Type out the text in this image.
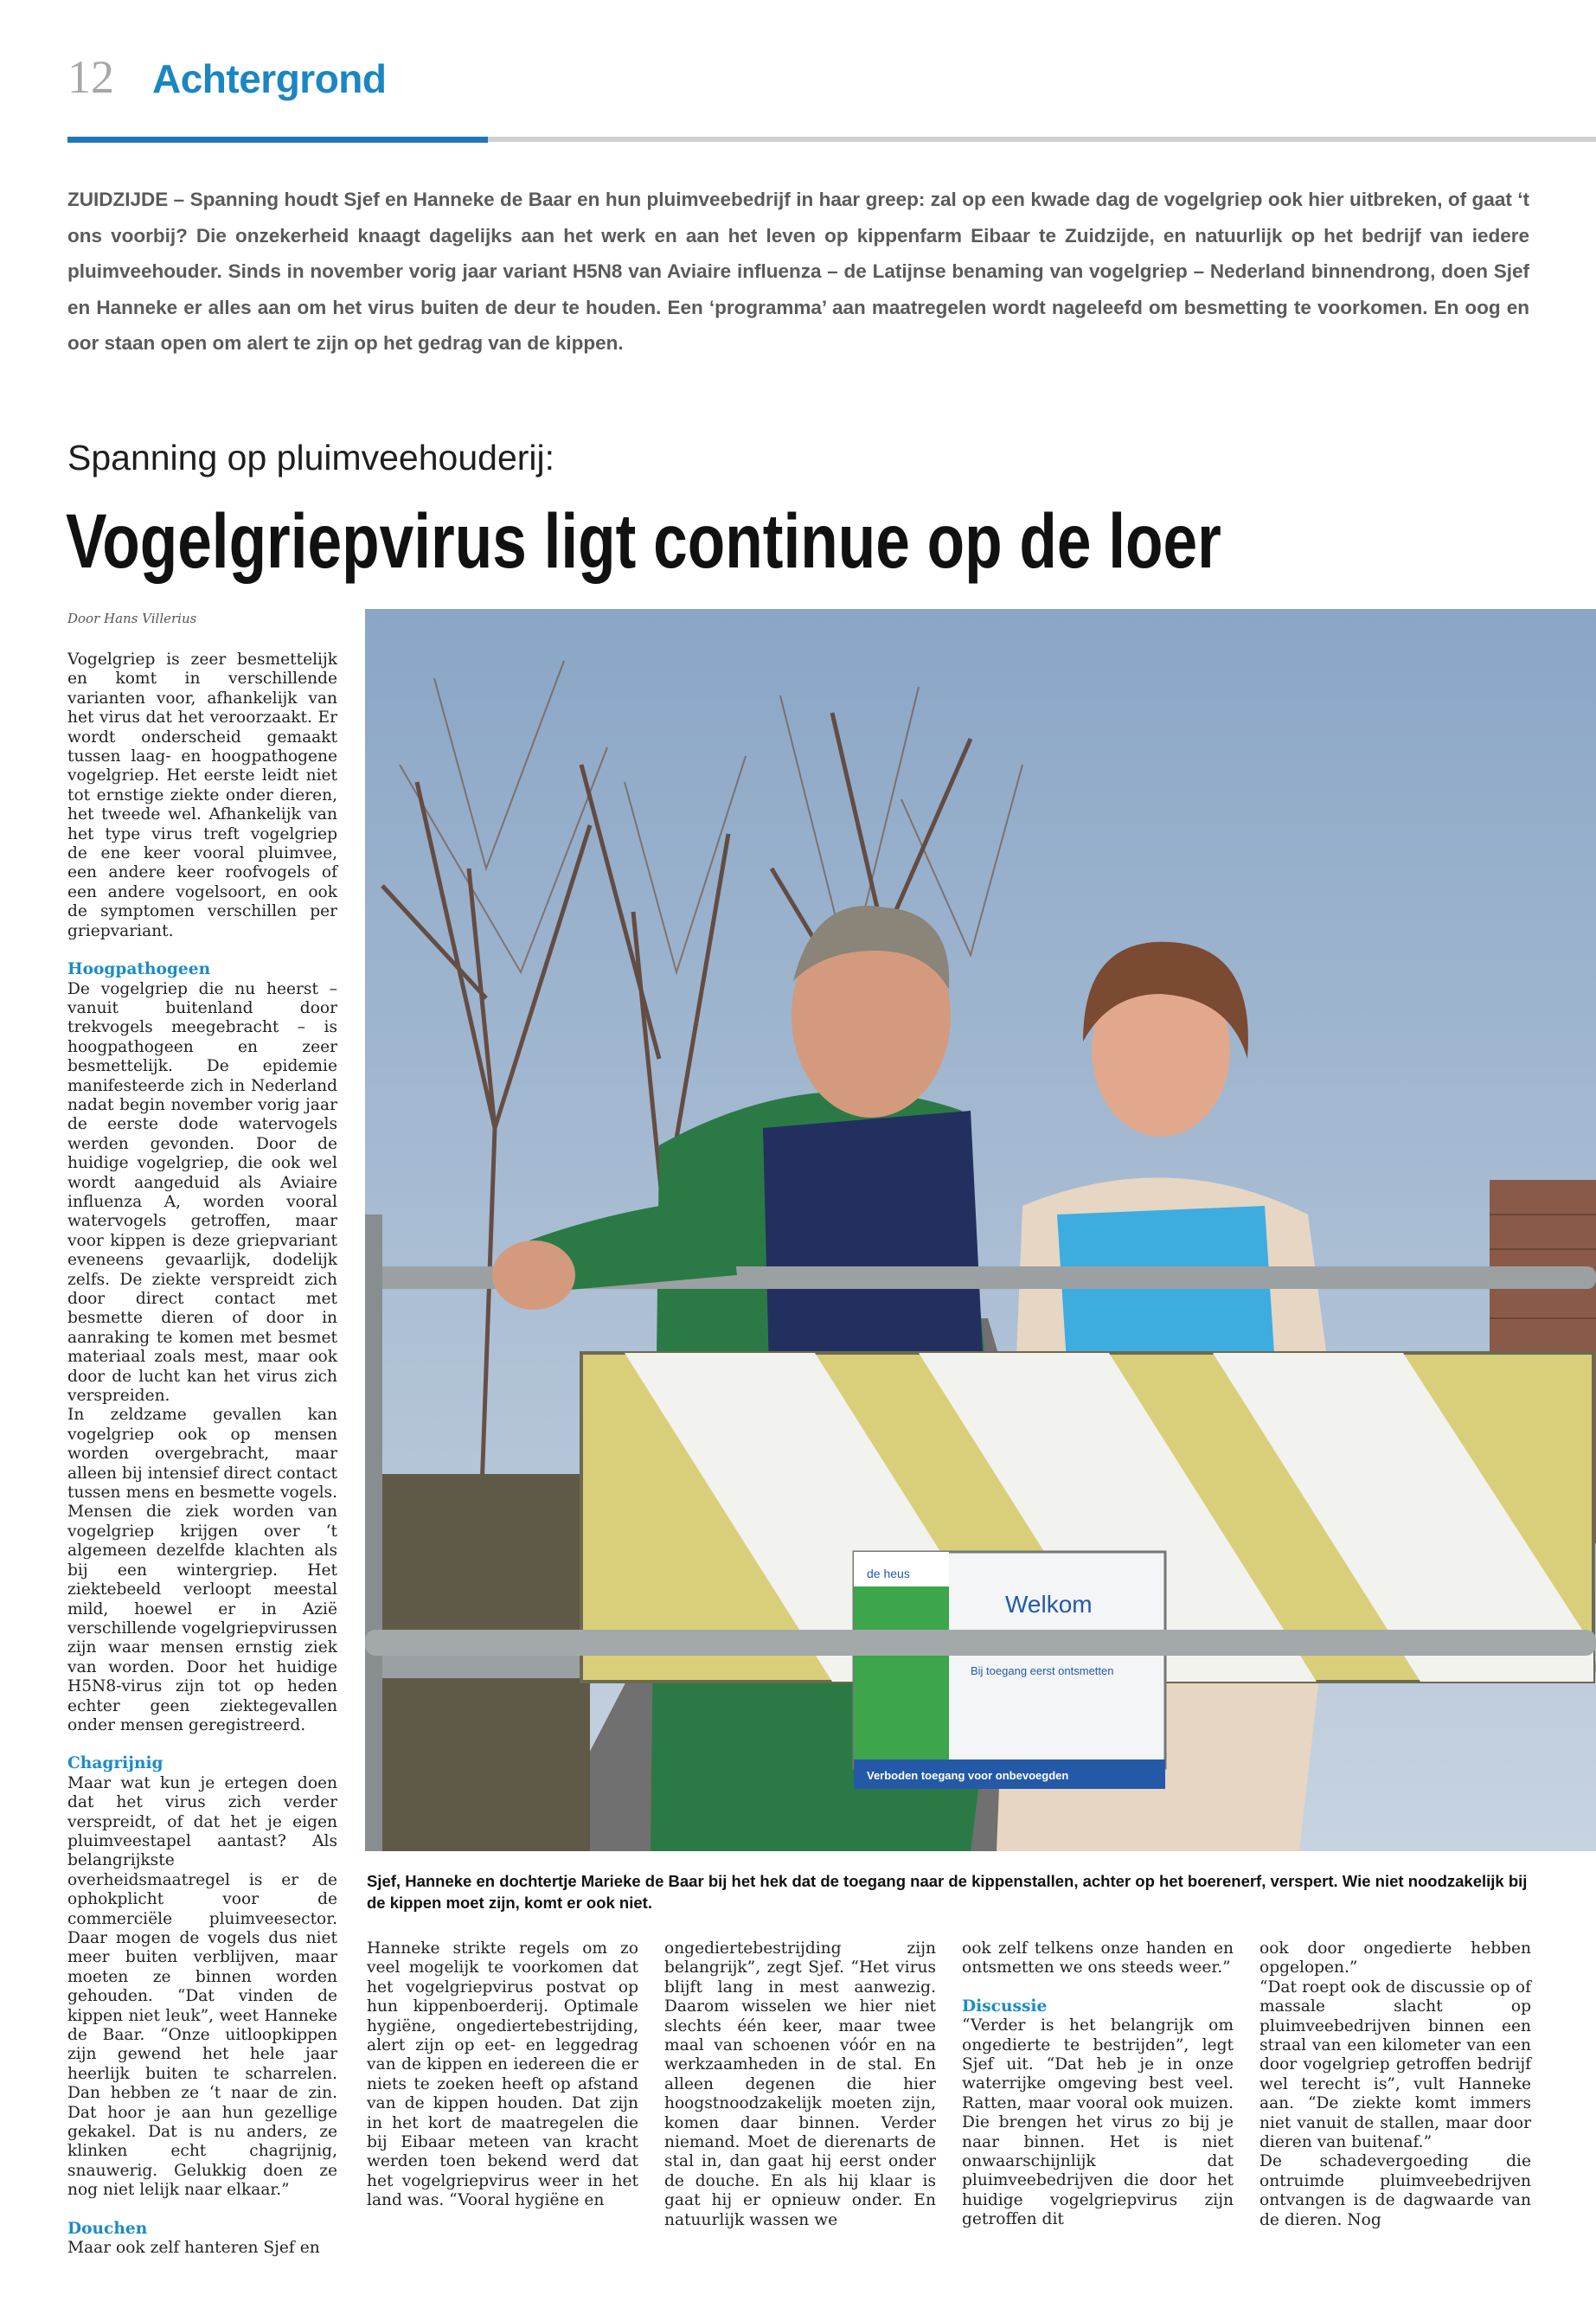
12 Achtergrond
ZUIDZIJDE – Spanning houdt Sjef en Hanneke de Baar en hun pluimveebedrijf in haar greep: zal op een kwade dag de vogelgriep ook hier uitbreken, of gaat ‘t ons voorbij? Die onzekerheid knaagt dagelijks aan het werk en aan het leven op kippenfarm Eibaar te Zuidzijde, en natuurlijk op het bedrijf van iedere pluimveehouder. Sinds in november vorig jaar variant H5N8 van Aviaire influenza – de Latijnse benaming van vogelgriep – Nederland binnendrong, doen Sjef en Hanneke er alles aan om het virus buiten de deur te houden. Een ‘programma’ aan maatregelen wordt nageleefd om besmetting te voorkomen. En oog en oor staan open om alert te zijn op het gedrag van de kippen.
Spanning op pluimveehouderij:
Vogelgriepvirus ligt continue op de loer
Door Hans Villerius

Vogelgriep is zeer besmettelijk en komt in verschillende varianten voor, afhankelijk van het virus dat het veroorzaakt. Er wordt onderscheid gemaakt tussen laag- en hoogpathogene vogelgriep. Het eerste leidt niet tot ernstige ziekte onder dieren, het tweede wel. Afhankelijk van het type virus treft vogelgriep de ene keer vooral pluimvee, een andere keer roofvogels of een andere vogelsoort, en ook de symptomen verschillen per griepvariant.

Hoogpathogeen

De vogelgriep die nu heerst – vanuit buitenland door trekvogels meegebracht – is hoogpathogeen en zeer besmettelijk. De epidemie manifesteerde zich in Nederland nadat begin november vorig jaar de eerste dode watervogels werden gevonden. Door de huidige vogelgriep, die ook wel wordt aangeduid als Aviaire influenza A, worden vooral watervogels getroffen, maar voor kippen is deze griepvariant eveneens gevaarlijk, dodelijk zelfs. De ziekte verspreidt zich door direct contact met besmette dieren of door in aanraking te komen met besmet materiaal zoals mest, maar ook door de lucht kan het virus zich verspreiden.

In zeldzame gevallen kan vogelgriep ook op mensen worden overgebracht, maar alleen bij intensief direct contact tussen mens en besmette vogels. Mensen die ziek worden van vogelgriep krijgen over ‘t algemeen dezelfde klachten als bij een wintergriep. Het ziektebeeld verloopt meestal mild, hoewel er in Azië verschillende vogelgriepvirussen zijn waar mensen ernstig ziek van worden. Door het huidige H5N8-virus zijn tot op heden echter geen ziektegevallen onder mensen geregistreerd.

Chagrijnig

Maar wat kun je ertegen doen dat het virus zich verder verspreidt, of dat het je eigen pluimveestapel aantast? Als belangrijkste overheidsmaatregel is er de ophokplicht voor de commerciële pluimveesector. Daar mogen de vogels dus niet meer buiten verblijven, maar moeten ze binnen worden gehouden. “Dat vinden de kippen niet leuk”, weet Hanneke de Baar. “Onze uitloopkippen zijn gewend het hele jaar heerlijk buiten te scharrelen. Dan hebben ze ‘t naar de zin. Dat hoor je aan hun gezellige gekakel. Dat is nu anders, ze klinken echt chagrijnig, snauwerig. Gelukkig doen ze nog niet lelijk naar elkaar.”

Douchen

Maar ook zelf hanteren Sjef en

de heus
Welkom
Bij toegang eerst ontsmetten
Verboden toegang voor onbevoegden
Sjef, Hanneke en dochtertje Marieke de Baar bij het hek dat de toegang naar de kippenstallen, achter op het boerenerf, verspert. Wie niet noodzakelijk bij de kippen moet zijn, komt er ook niet.

Hanneke strikte regels om zo veel mogelijk te voorkomen dat het vogelgriepvirus postvat op hun kippenboerderij. Optimale hygiëne, ongediertebestrijding, alert zijn op eet- en leggedrag van de kippen en iedereen die er niets te zoeken heeft op afstand van de kippen houden. Dat zijn in het kort de maatregelen die bij Eibaar meteen van kracht werden toen bekend werd dat het vogelgriepvirus weer in het land was. “Vooral hygiëne en

ongediertebestrijding zijn belangrijk”, zegt Sjef. “Het virus blijft lang in mest aanwezig. Daarom wisselen we hier niet slechts één keer, maar twee maal van schoenen vóór en na werkzaamheden in de stal. En alleen degenen die hier hoogstnoodzakelijk moeten zijn, komen daar binnen. Verder niemand. Moet de dierenarts de stal in, dan gaat hij eerst onder de douche. En als hij klaar is gaat hij er opnieuw onder. En natuurlijk wassen we

ook zelf telkens onze handen en ontsmetten we ons steeds weer.”

Discussie

“Verder is het belangrijk om ongedierte te bestrijden”, legt Sjef uit. “Dat heb je in onze waterrijke omgeving best veel. Ratten, maar vooral ook muizen. Die brengen het virus zo bij je naar binnen. Het is niet onwaarschijnlijk dat pluimveebedrijven die door het huidige vogelgriepvirus zijn getroffen dit

ook door ongedierte hebben opgelopen.”

“Dat roept ook de discussie op of massale slacht op pluimveebedrijven binnen een straal van een kilometer van een door vogelgriep getroffen bedrijf wel terecht is”, vult Hanneke aan. “De ziekte komt immers niet vanuit de stallen, maar door dieren van buitenaf.”

De schadevergoeding die ontruimde pluimveebedrijven ontvangen is de dagwaarde van de dieren. Nog
